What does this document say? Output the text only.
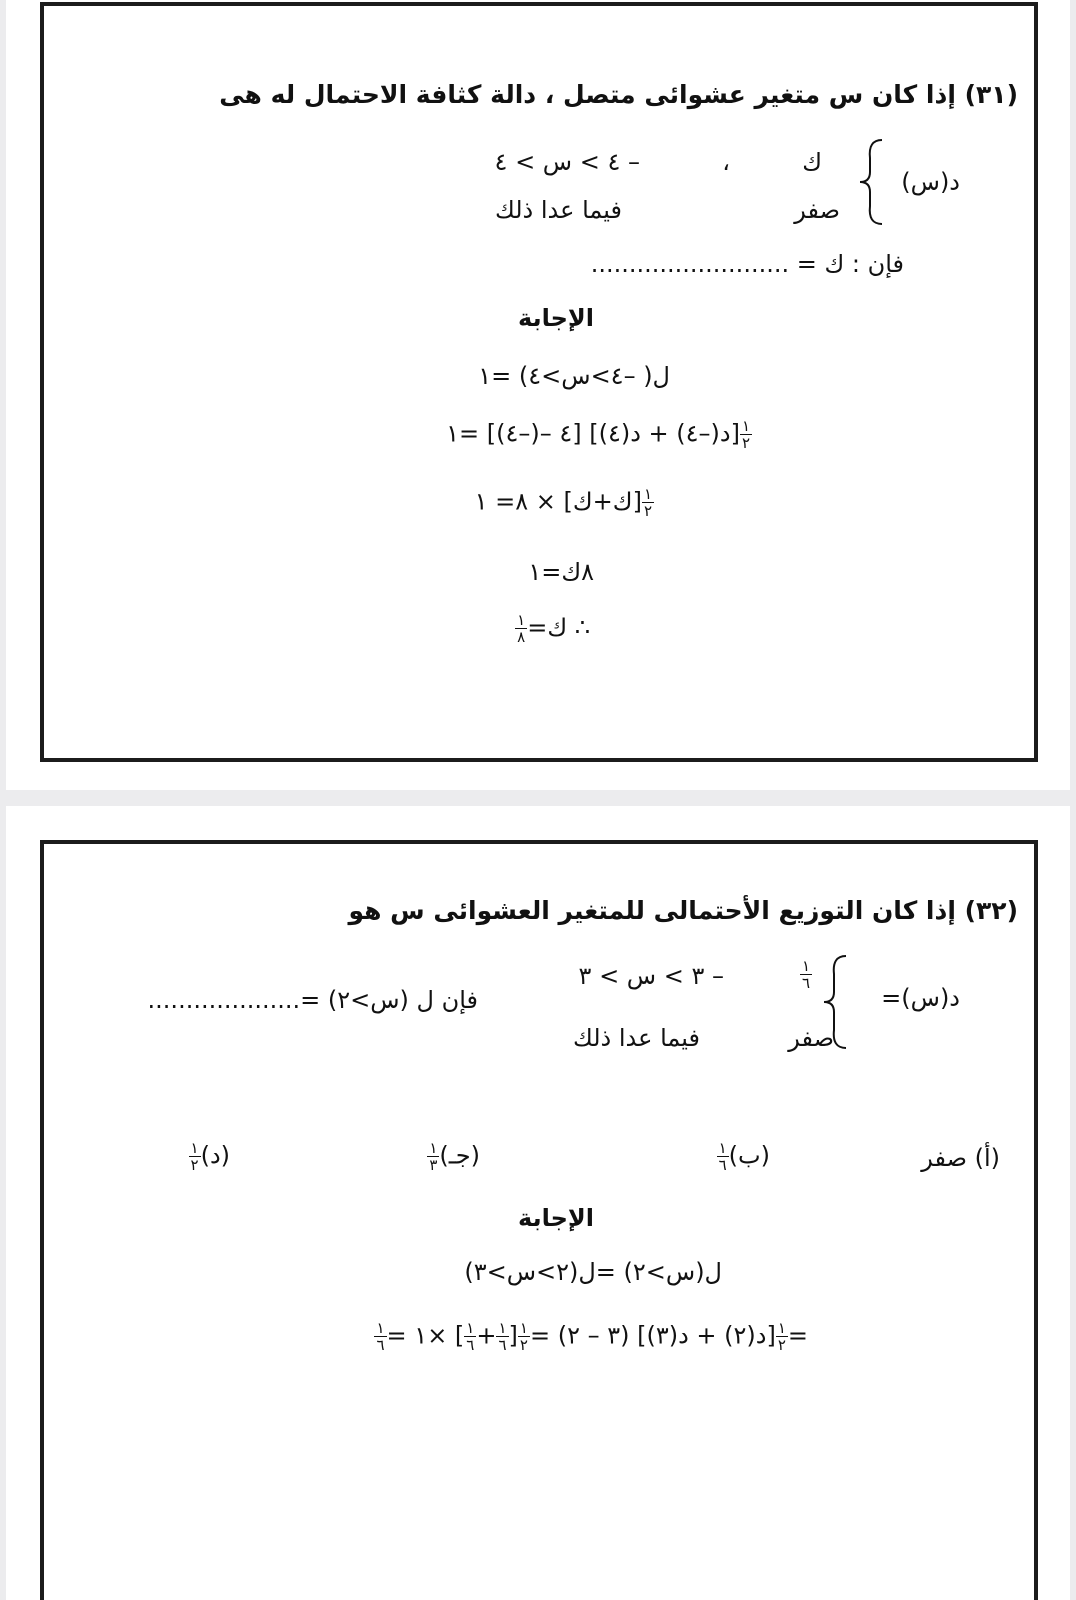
(٣١) إذا كان س متغير عشوائى متصل ، دالة كثافة الاحتمال له هى
د(س)
ك
،
– ٤ > س > ٤
صفر
فيما عدا ذلك
فإن : ك = ..........................
الإجابة
ل( –٤>س>٤) =١
$\frac{١}{٢}$
[د(–٤) + د(٤)] [٤ –(–٤)] =١
$\frac{١}{٢}$
[ك+ك] × ٨= ١
٨ك=١
∴ ك=
$\frac{١}{٨}$
(٣٢) إذا كان التوزيع الأحتمالى للمتغير العشوائى س هو
د(س)=
$\frac{١}{٦}$
– ٣ > س > ٣
صفر
فيما عدا ذلك
فإن ل (س>٢) =....................
(أ) صفر
(ب)
$\frac{١}{٦}$
(جـ)
$\frac{١}{٣}$
(د)
$\frac{١}{٢}$
الإجابة
ل(س>٢) =ل(٢>س>٣)
=
$\frac{١}{٢}$
[د(٢) + د(٣)] (٣ – ٢) =
$\frac{١}{٢}$
[
$\frac{١}{٦}$
+
$\frac{١}{٦}$
] ×١ =
$\frac{١}{٦}$
